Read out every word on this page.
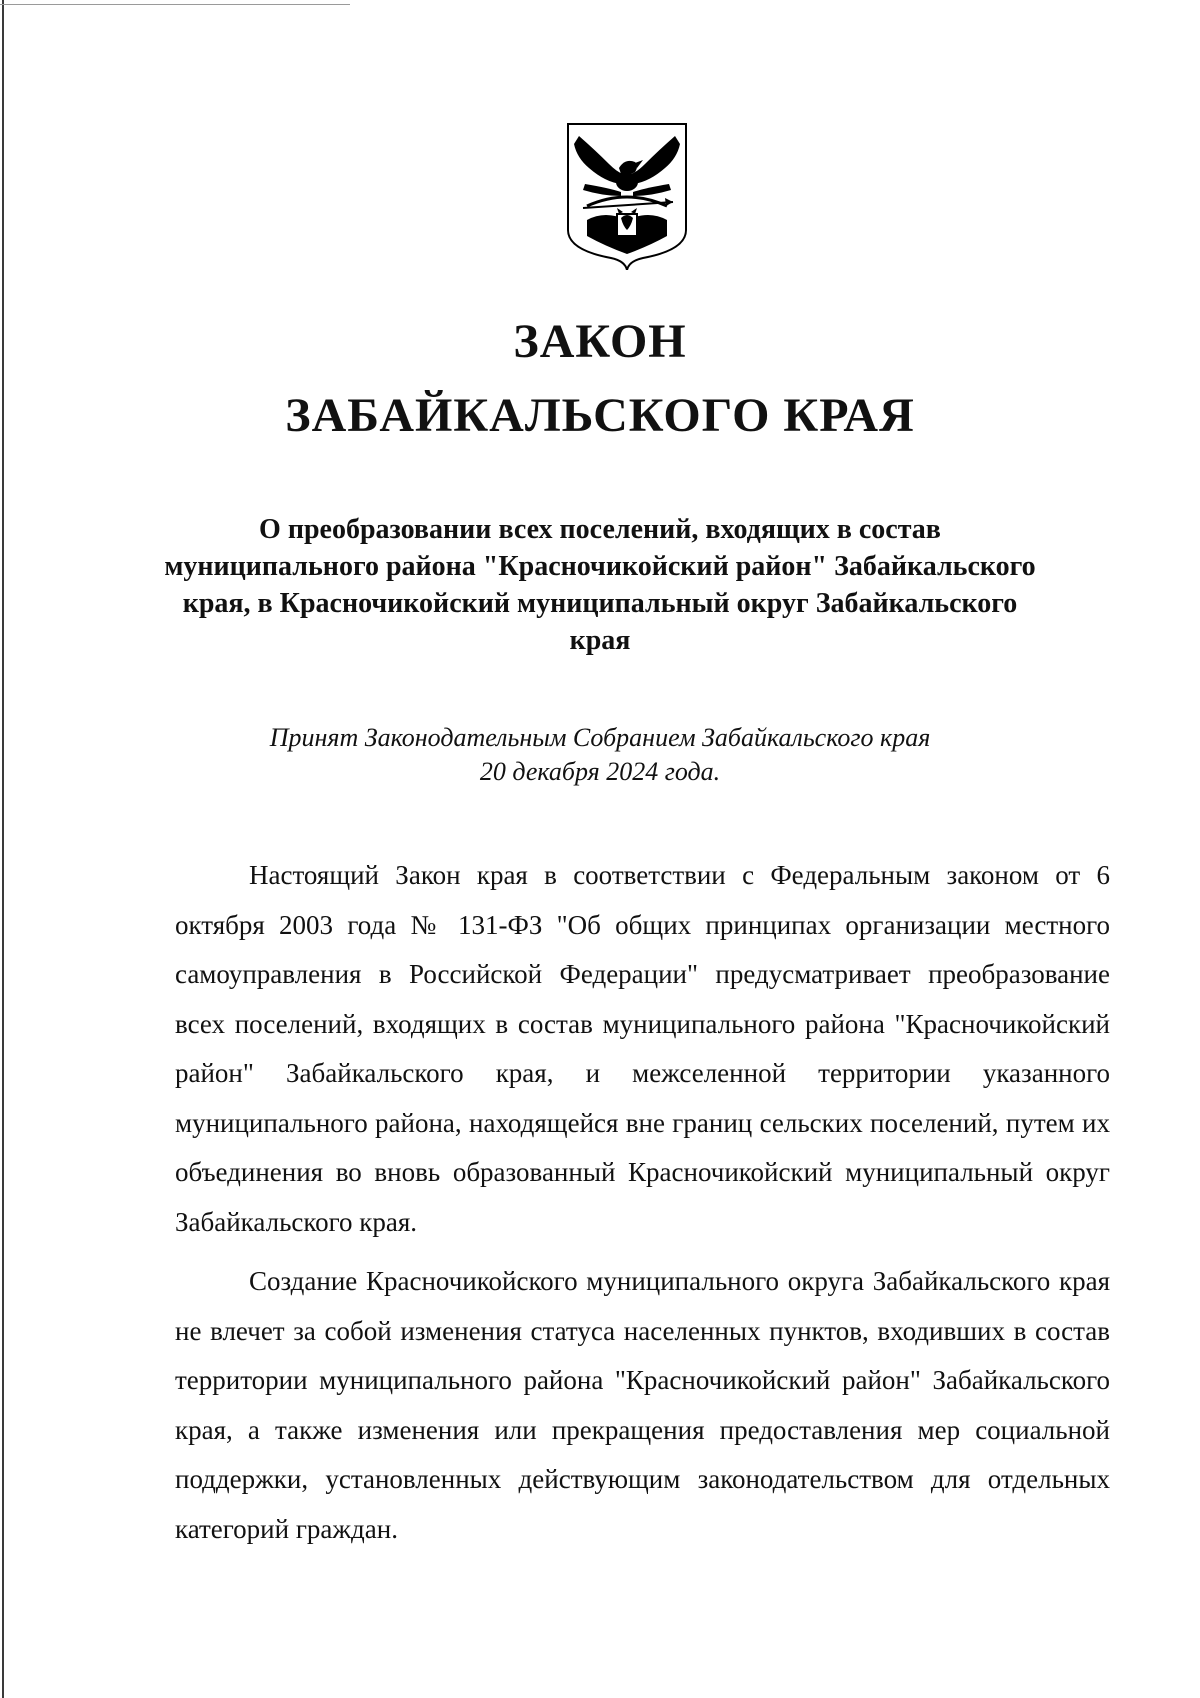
ЗАКОН
ЗАБАЙКАЛЬСКОГО КРАЯ

О преобразовании всех поселений, входящих в состав муниципального района "Красночикойский район" Забайкальского края, в Красночикойский муниципальный округ Забайкальского края

Принят Законодательным Собранием Забайкальского края
20 декабря 2024 года.

Настоящий Закон края в соответствии с Федеральным законом от 6 октября 2003 года № 131-ФЗ "Об общих принципах организации местного самоуправления в Российской Федерации" предусматривает преобразование всех поселений, входящих в состав муниципального района "Красночикойский район" Забайкальского края, и межселенной территории указанного муниципального района, находящейся вне границ сельских поселений, путем их объединения во вновь образованный Красночикойский муниципальный округ Забайкальского края.

Создание Красночикойского муниципального округа Забайкальского края не влечет за собой изменения статуса населенных пунктов, входивших в состав территории муниципального района "Красночикойский район" Забайкальского края, а также изменения или прекращения предоставления мер социальной поддержки, установленных действующим законодательством для отдельных категорий граждан.
